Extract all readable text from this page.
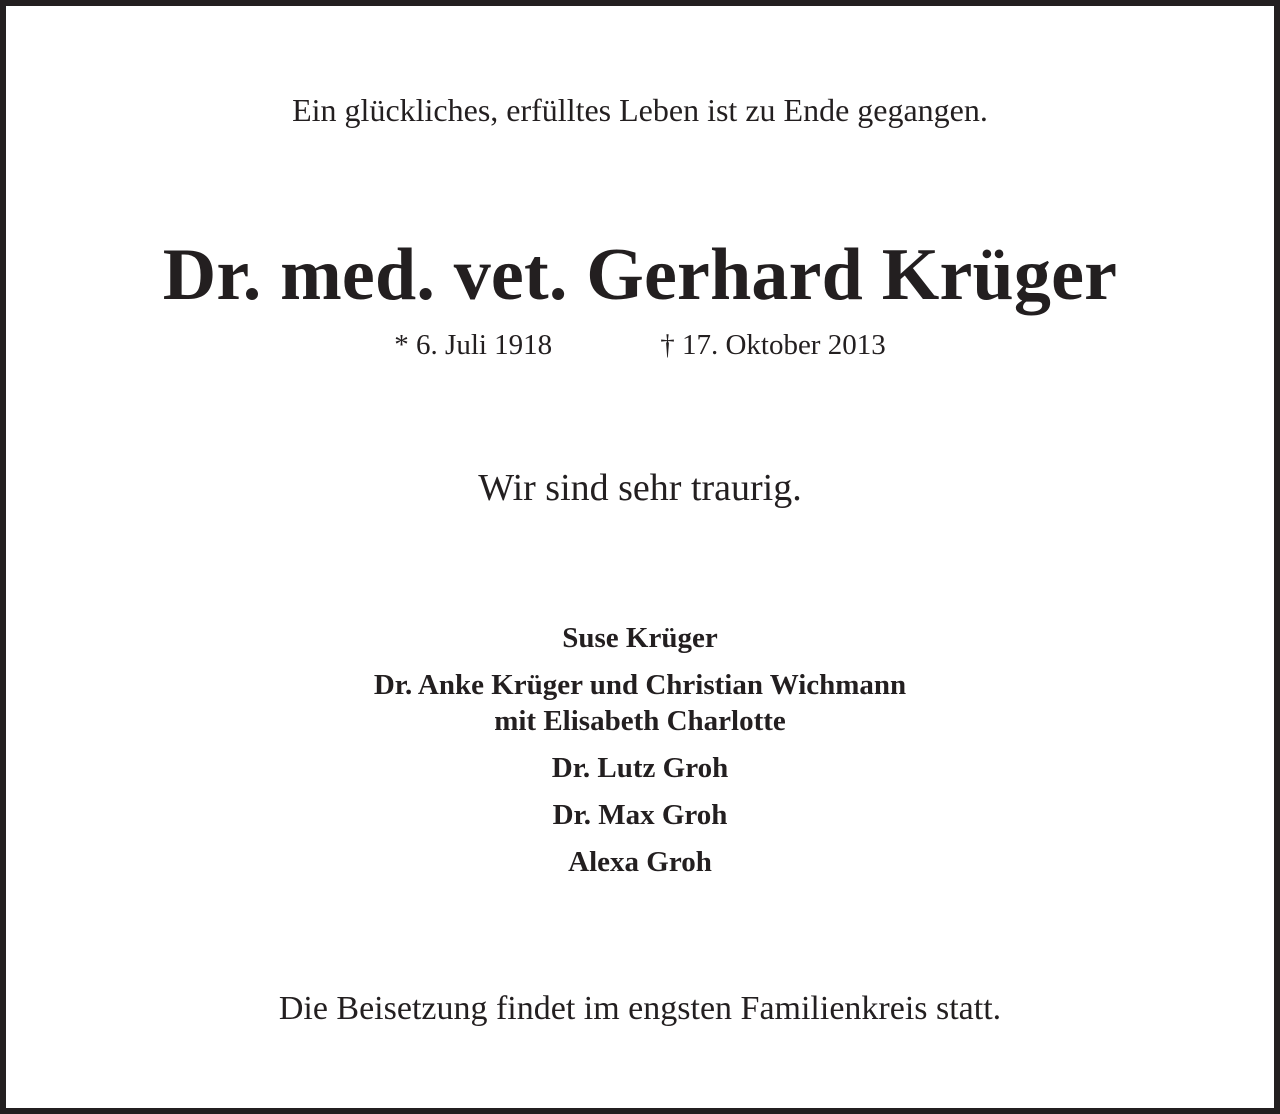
Ein glückliches, erfülltes Leben ist zu Ende gegangen.
Dr. med. vet. Gerhard Krüger
* 6. Juli 1918	† 17. Oktober 2013
Wir sind sehr traurig.
Suse Krüger
Dr. Anke Krüger und Christian Wichmann
mit Elisabeth Charlotte
Dr. Lutz Groh
Dr. Max Groh
Alexa Groh
Die Beisetzung findet im engsten Familienkreis statt.
